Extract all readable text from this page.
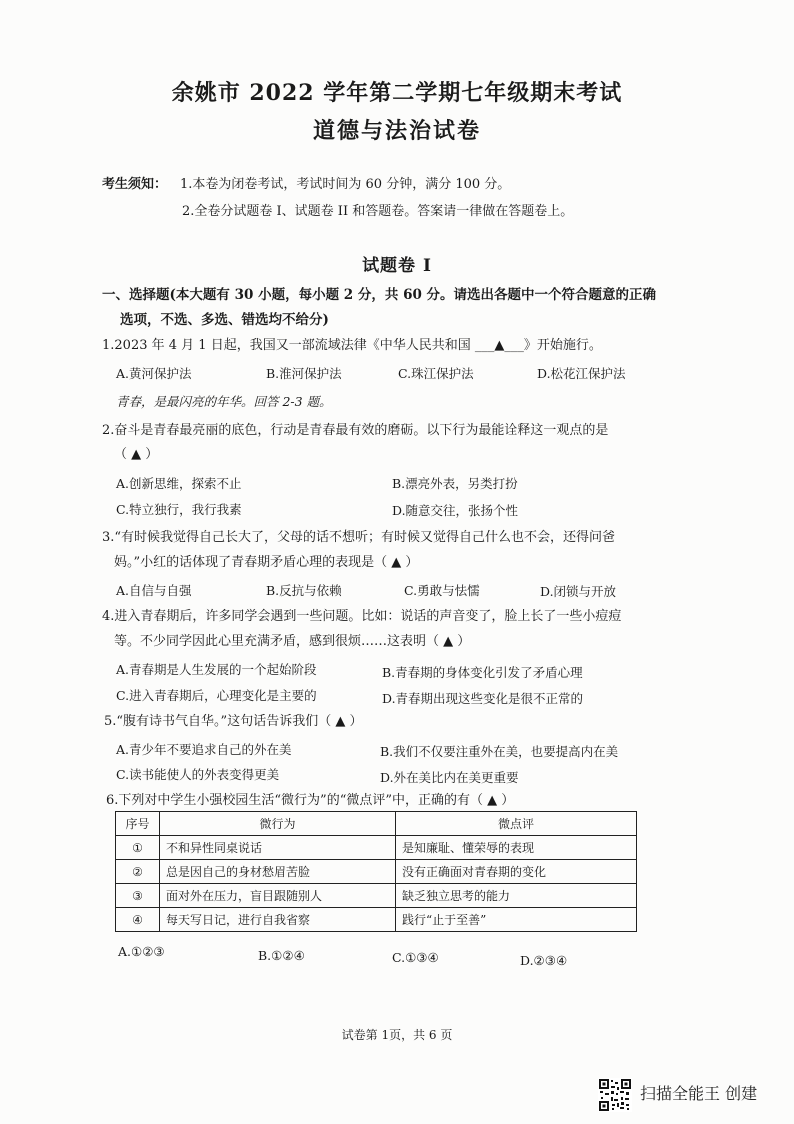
余姚市 2022 学年第二学期七年级期末考试
道德与法治试卷
考生须知： 1.本卷为闭卷考试，考试时间为 60 分钟，满分 100 分。
2.全卷分试题卷 I、试题卷 II 和答题卷。答案请一律做在答题卷上。
试题卷 I
一、选择题(本大题有 30 小题，每小题 2 分，共 60 分。请选出各题中一个符合题意的正确
选项，不选、多选、错选均不给分)
1.2023 年 4 月 1 日起，我国又一部流域法律《中华人民共和国 ___▲___》开始施行。
A.黄河保护法	B.淮河保护法	C.珠江保护法	D.松花江保护法
青春，是最闪亮的年华。回答 2-3 题。
2.奋斗是青春最亮丽的底色，行动是青春最有效的磨砺。以下行为最能诠释这一观点的是
（ ▲ ）
A.创新思维，探索不止	B.漂亮外表，另类打扮
C.特立独行，我行我素	D.随意交往，张扬个性
3.“有时候我觉得自己长大了，父母的话不想听；有时候又觉得自己什么也不会，还得问爸
妈。”小红的话体现了青春期矛盾心理的表现是（ ▲ ）
A.自信与自强	B.反抗与依赖	C.勇敢与怯懦	D.闭锁与开放
4.进入青春期后，许多同学会遇到一些问题。比如：说话的声音变了，脸上长了一些小痘痘
等。不少同学因此心里充满矛盾，感到很烦……这表明（ ▲ ）
A.青春期是人生发展的一个起始阶段	B.青春期的身体变化引发了矛盾心理
C.进入青春期后，心理变化是主要的	D.青春期出现这些变化是很不正常的
5.“腹有诗书气自华。”这句话告诉我们（ ▲ ）
A.青少年不要追求自己的外在美	B.我们不仅要注重外在美，也要提高内在美
C.读书能使人的外表变得更美	D.外在美比内在美更重要
6.下列对中学生小强校园生活“微行为”的“微点评”中，正确的有（ ▲ ）
序号	微行为	微点评
①	不和异性同桌说话	是知廉耻、懂荣辱的表现
②	总是因自己的身材愁眉苦脸	没有正确面对青春期的变化
③	面对外在压力，盲目跟随别人	缺乏独立思考的能力
④	每天写日记，进行自我省察	践行“止于至善”
A.①②③	B.①②④	C.①③④	D.②③④
试卷第 1页，共 6 页
扫描全能王 创建
